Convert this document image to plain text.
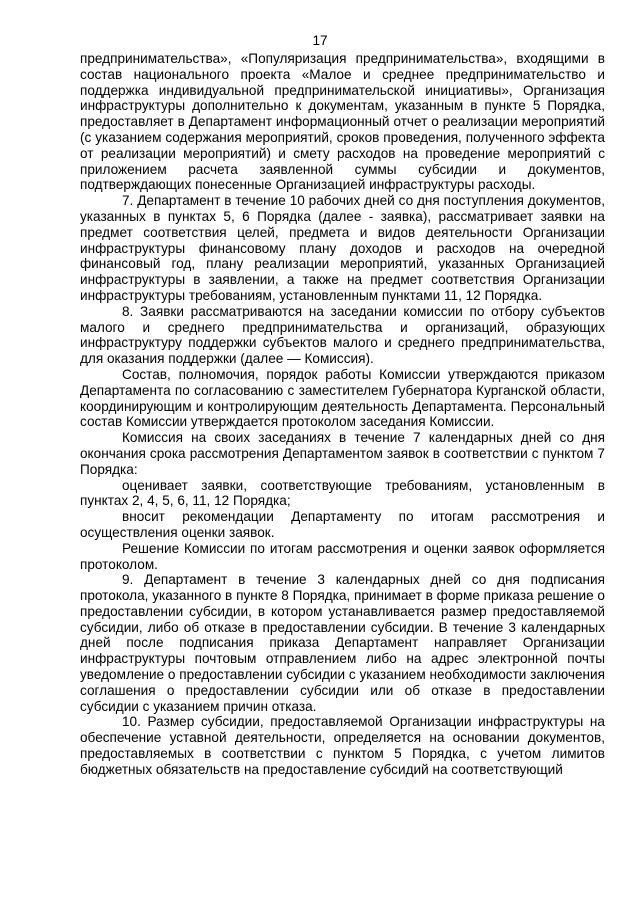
17

предпринимательства», «Популяризация предпринимательства», входящими в состав национального проекта «Малое и среднее предпринимательство и поддержка индивидуальной предпринимательской инициативы», Организация инфраструктуры дополнительно к документам, указанным в пункте 5 Порядка, предоставляет в Департамент информационный отчет о реализации мероприятий (с указанием содержания мероприятий, сроков проведения, полученного эффекта от реализации мероприятий) и смету расходов на проведение мероприятий с приложением расчета заявленной суммы субсидии и документов, подтверждающих понесенные Организацией инфраструктуры расходы.

7. Департамент в течение 10 рабочих дней со дня поступления документов, указанных в пунктах 5, 6 Порядка (далее - заявка), рассматривает заявки на предмет соответствия целей, предмета и видов деятельности Организации инфраструктуры финансовому плану доходов и расходов на очередной финансовый год, плану реализации мероприятий, указанных Организацией инфраструктуры в заявлении, а также на предмет соответствия Организации инфраструктуры требованиям, установленным пунктами 11, 12 Порядка.

8. Заявки рассматриваются на заседании комиссии по отбору субъектов малого и среднего предпринимательства и организаций, образующих инфраструктуру поддержки субъектов малого и среднего предпринимательства, для оказания поддержки (далее — Комиссия).

Состав, полномочия, порядок работы Комиссии утверждаются приказом Департамента по согласованию с заместителем Губернатора Курганской области, координирующим и контролирующим деятельность Департамента. Персональный состав Комиссии утверждается протоколом заседания Комиссии.

Комиссия на своих заседаниях в течение 7 календарных дней со дня окончания срока рассмотрения Департаментом заявок в соответствии с пунктом 7 Порядка:

оценивает заявки, соответствующие требованиям, установленным в пунктах 2, 4, 5, 6, 11, 12 Порядка;

вносит рекомендации Департаменту по итогам рассмотрения и осуществления оценки заявок.

Решение Комиссии по итогам рассмотрения и оценки заявок оформляется протоколом.

9. Департамент в течение 3 календарных дней со дня подписания протокола, указанного в пункте 8 Порядка, принимает в форме приказа решение о предоставлении субсидии, в котором устанавливается размер предоставляемой субсидии, либо об отказе в предоставлении субсидии. В течение 3 календарных дней после подписания приказа Департамент направляет Организации инфраструктуры почтовым отправлением либо на адрес электронной почты уведомление о предоставлении субсидии с указанием необходимости заключения соглашения о предоставлении субсидии или об отказе в предоставлении субсидии с указанием причин отказа.

10. Размер субсидии, предоставляемой Организации инфраструктуры на обеспечение уставной деятельности, определяется на основании документов, предоставляемых в соответствии с пунктом 5 Порядка, с учетом лимитов бюджетных обязательств на предоставление субсидий на соответствующий
